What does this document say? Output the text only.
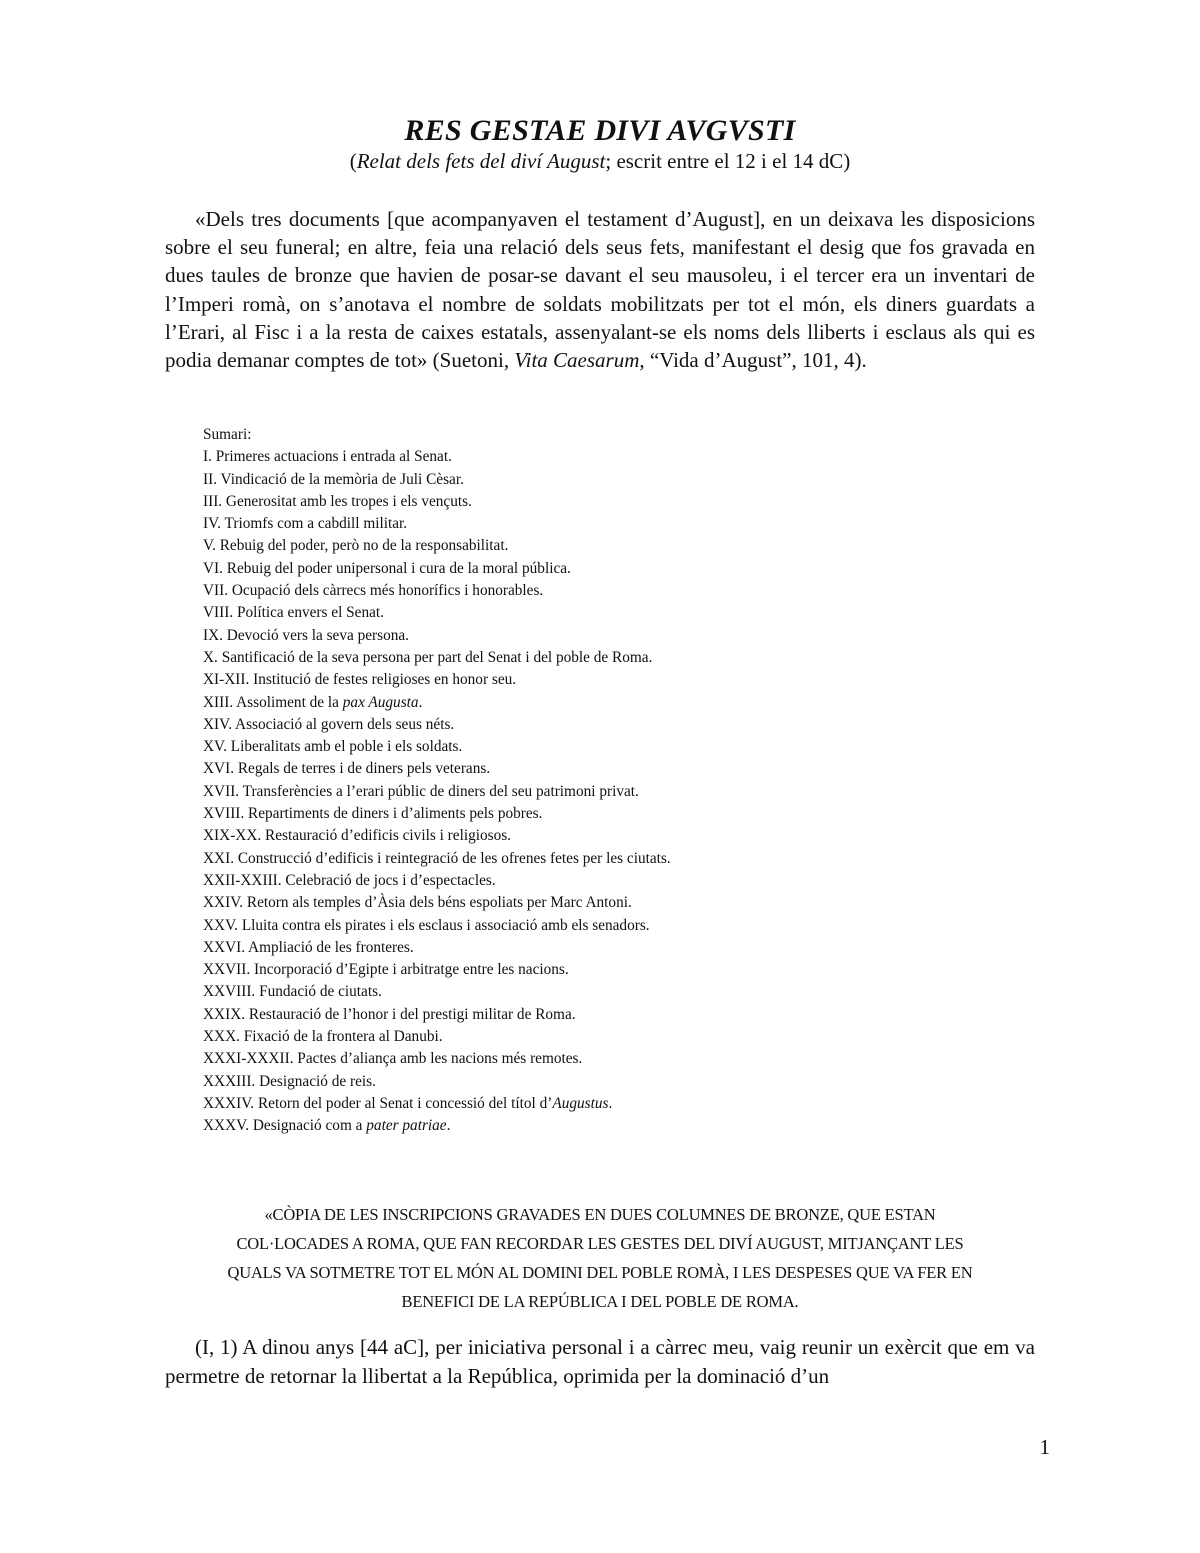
RES GESTAE DIVI AVGVSTI
(Relat dels fets del diví August; escrit entre el 12 i el 14 dC)

«Dels tres documents [que acompanyaven el testament d’August], en un deixava les disposicions sobre el seu funeral; en altre, feia una relació dels seus fets, manifestant el desig que fos gravada en dues taules de bronze que havien de posar-se davant el seu mausoleu, i el tercer era un inventari de l’Imperi romà, on s’anotava el nombre de soldats mobilitzats per tot el món, els diners guardats a l’Erari, al Fisc i a la resta de caixes estatals, assenyalant-se els noms dels lliberts i esclaus als qui es podia demanar comptes de tot» (Suetoni, Vita Caesarum, “Vida d’August”, 101, 4).

Sumari:

I. Primeres actuacions i entrada al Senat.
II. Vindicació de la memòria de Juli Cèsar.
III. Generositat amb les tropes i els vençuts.
IV. Triomfs com a cabdill militar.
V. Rebuig del poder, però no de la responsabilitat.
VI. Rebuig del poder unipersonal i cura de la moral pública.
VII. Ocupació dels càrrecs més honorífics i honorables.
VIII. Política envers el Senat.
IX. Devoció vers la seva persona.
X. Santificació de la seva persona per part del Senat i del poble de Roma.
XI-XII. Institució de festes religioses en honor seu.
XIII. Assoliment de la pax Augusta.
XIV. Associació al govern dels seus néts.
XV. Liberalitats amb el poble i els soldats.
XVI. Regals de terres i de diners pels veterans.
XVII. Transferències a l’erari públic de diners del seu patrimoni privat.
XVIII. Repartiments de diners i d’aliments pels pobres.
XIX-XX. Restauració d’edificis civils i religiosos.
XXI. Construcció d’edificis i reintegració de les ofrenes fetes per les ciutats.
XXII-XXIII. Celebració de jocs i d’espectacles.
XXIV. Retorn als temples d’Àsia dels béns espoliats per Marc Antoni.
XXV. Lluita contra els pirates i els esclaus i associació amb els senadors.
XXVI. Ampliació de les fronteres.
XXVII. Incorporació d’Egipte i arbitratge entre les nacions.
XXVIII. Fundació de ciutats.
XXIX. Restauració de l’honor i del prestigi militar de Roma.
XXX. Fixació de la frontera al Danubi.
XXXI-XXXII. Pactes d’aliança amb les nacions més remotes.
XXXIII. Designació de reis.
XXXIV. Retorn del poder al Senat i concessió del títol d’Augustus.
XXXV. Designació com a pater patriae.
«CÒPIA DE LES INSCRIPCIONS GRAVADES EN DUES COLUMNES DE BRONZE, QUE ESTAN
COL·LOCADES A ROMA, QUE FAN RECORDAR LES GESTES DEL DIVÍ AUGUST, MITJANÇANT LES
QUALS VA SOTMETRE TOT EL MÓN AL DOMINI DEL POBLE ROMÀ, I LES DESPESES QUE VA FER EN
BENEFICI DE LA REPÚBLICA I DEL POBLE DE ROMA.

(I, 1) A dinou anys [44 aC], per iniciativa personal i a càrrec meu, vaig reunir un exèrcit que em va permetre de retornar la llibertat a la República, oprimida per la dominació d’un

1
